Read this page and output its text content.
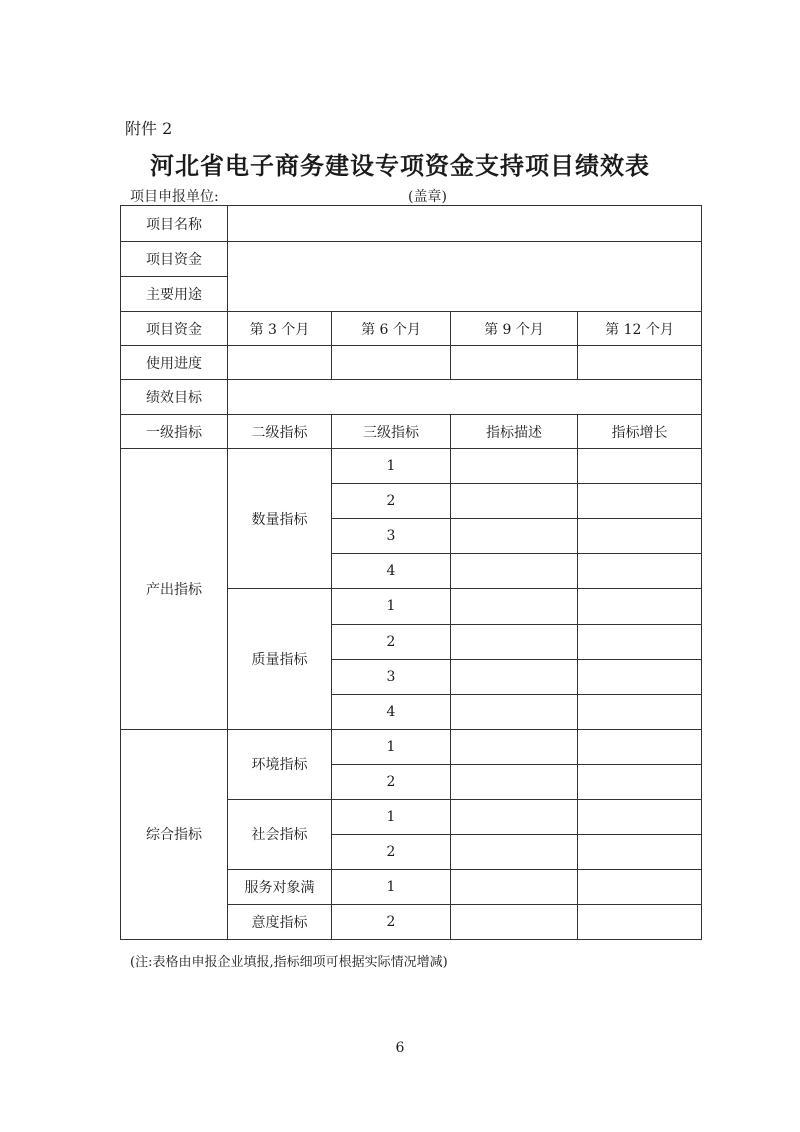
附件 2
河北省电子商务建设专项资金支持项目绩效表
项目申报单位:	(盖章)
项目名称				
项目资金				
主要用途				
项目资金	第 3 个月	第 6 个月	第 9 个月	第 12 个月
使用进度				
绩效目标				
一级指标	二级指标	三级指标	指标描述	指标增长
产出指标	数量指标	1		
		2		
		3		
		4		
	质量指标	1		
		2		
		3		
		4		
综合指标	环境指标	1		
		2		
	社会指标	1		
		2		
	服务对象满	1		
	意度指标	2		
(注:表格由申报企业填报,指标细项可根据实际情况增减)
6
